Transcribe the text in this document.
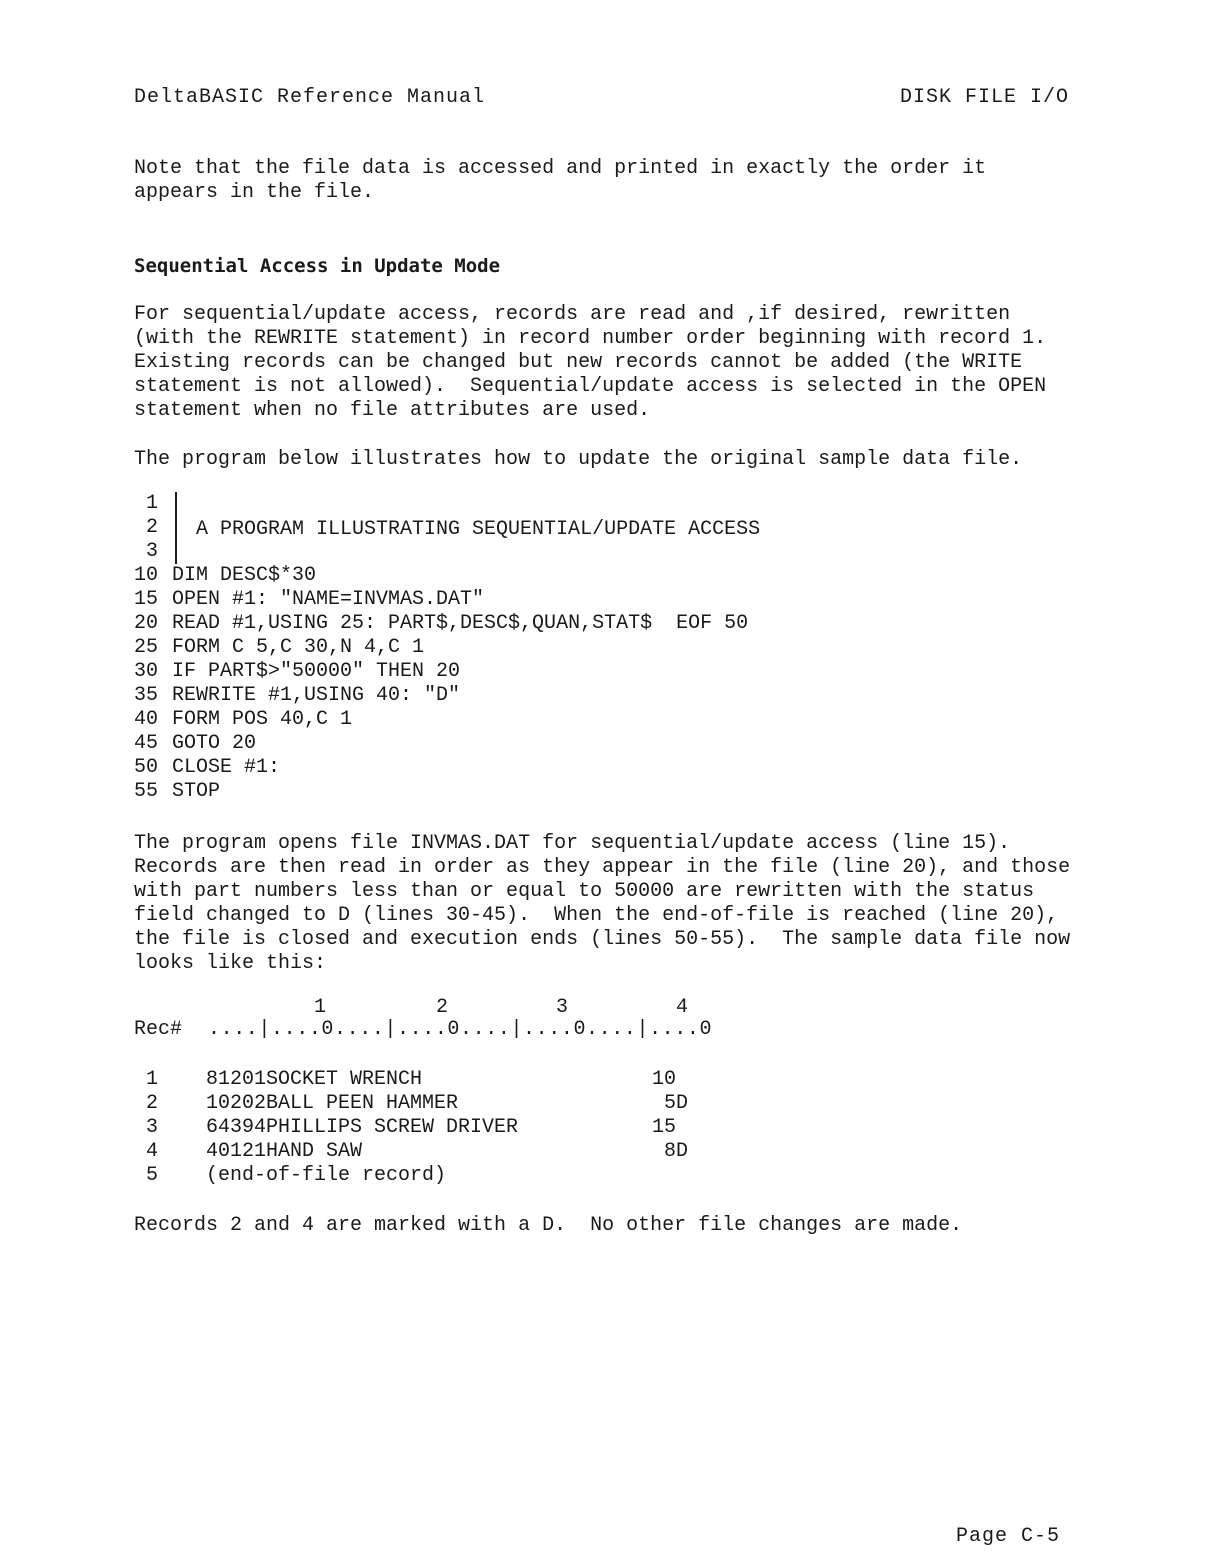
DeltaBASIC Reference Manual	DISK FILE I/O
Note that the file data is accessed and printed in exactly the order it
appears in the file.
Sequential Access in Update Mode
For sequential/update access, records are read and ,if desired, rewritten
(with the REWRITE statement) in record number order beginning with record 1.
Existing records can be changed but new records cannot be added (the WRITE
statement is not allowed).  Sequential/update access is selected in the OPEN
statement when no file attributes are used.
The program below illustrates how to update the original sample data file.
1
2
3
10 DIM DESC$*30
15 OPEN #1: "NAME=INVMAS.DAT"
20 READ #1,USING 25: PART$,DESC$,QUAN,STAT$  EOF 50
25 FORM C 5,C 30,N 4,C 1
30 IF PART$>"50000" THEN 20
35 REWRITE #1,USING 40: "D"
40 FORM POS 40,C 1
45 GOTO 20
50 CLOSE #1:
55 STOP
A PROGRAM ILLUSTRATING SEQUENTIAL/UPDATE ACCESS
The program opens file INVMAS.DAT for sequential/update access (line 15).
Records are then read in order as they appear in the file (line 20), and those
with part numbers less than or equal to 50000 are rewritten with the status
field changed to D (lines 30-45).  When the end-of-file is reached (line 20),
the file is closed and execution ends (lines 50-55).  The sample data file now
looks like this:
1	2	3	4
Rec# ....|....0....|....0....|....0....|....0
1 81201SOCKET WRENCH	10
2 10202BALL PEEN HAMMER	5D
3 64394PHILLIPS SCREW DRIVER	15
4 40121HAND SAW	8D
5 (end-of-file record)
Records 2 and 4 are marked with a D.  No other file changes are made.
Page C-5
